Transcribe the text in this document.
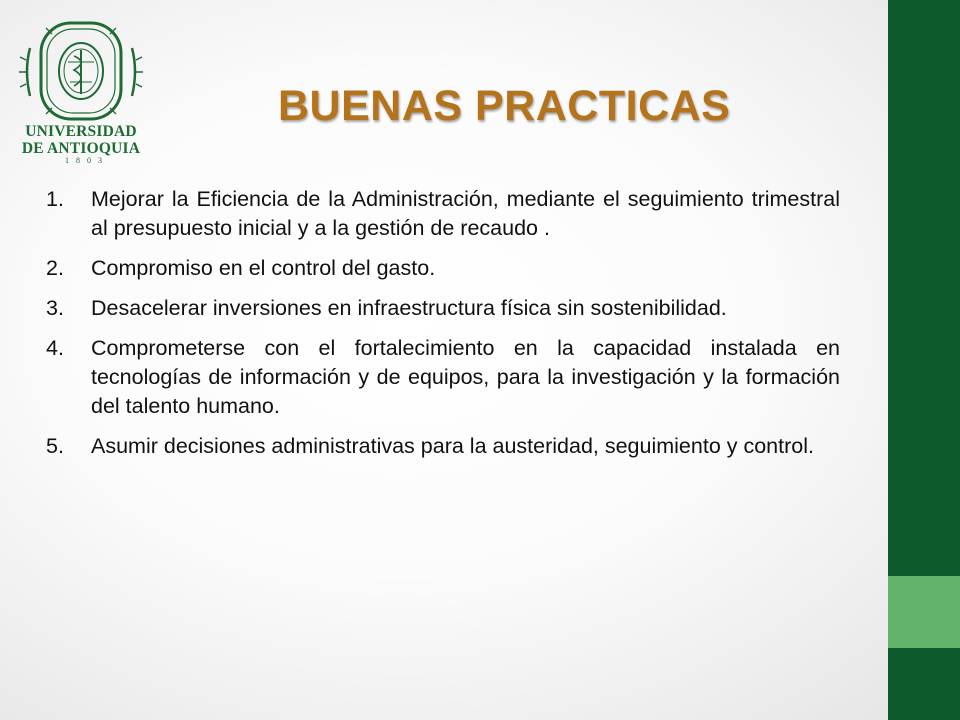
UNIVERSIDAD
DE ANTIOQUIA
1803
BUENAS PRACTICAS
1. Mejorar la Eficiencia de la Administración, mediante el seguimiento trimestral al presupuesto inicial y a la gestión de recaudo .
2. Compromiso en el control del gasto.
3. Desacelerar inversiones en infraestructura física sin sostenibilidad.
4. Comprometerse con el fortalecimiento en la capacidad instalada en tecnologías de información y de equipos, para la investigación y la formación del talento humano.
5. Asumir decisiones administrativas para la austeridad, seguimiento y control.
